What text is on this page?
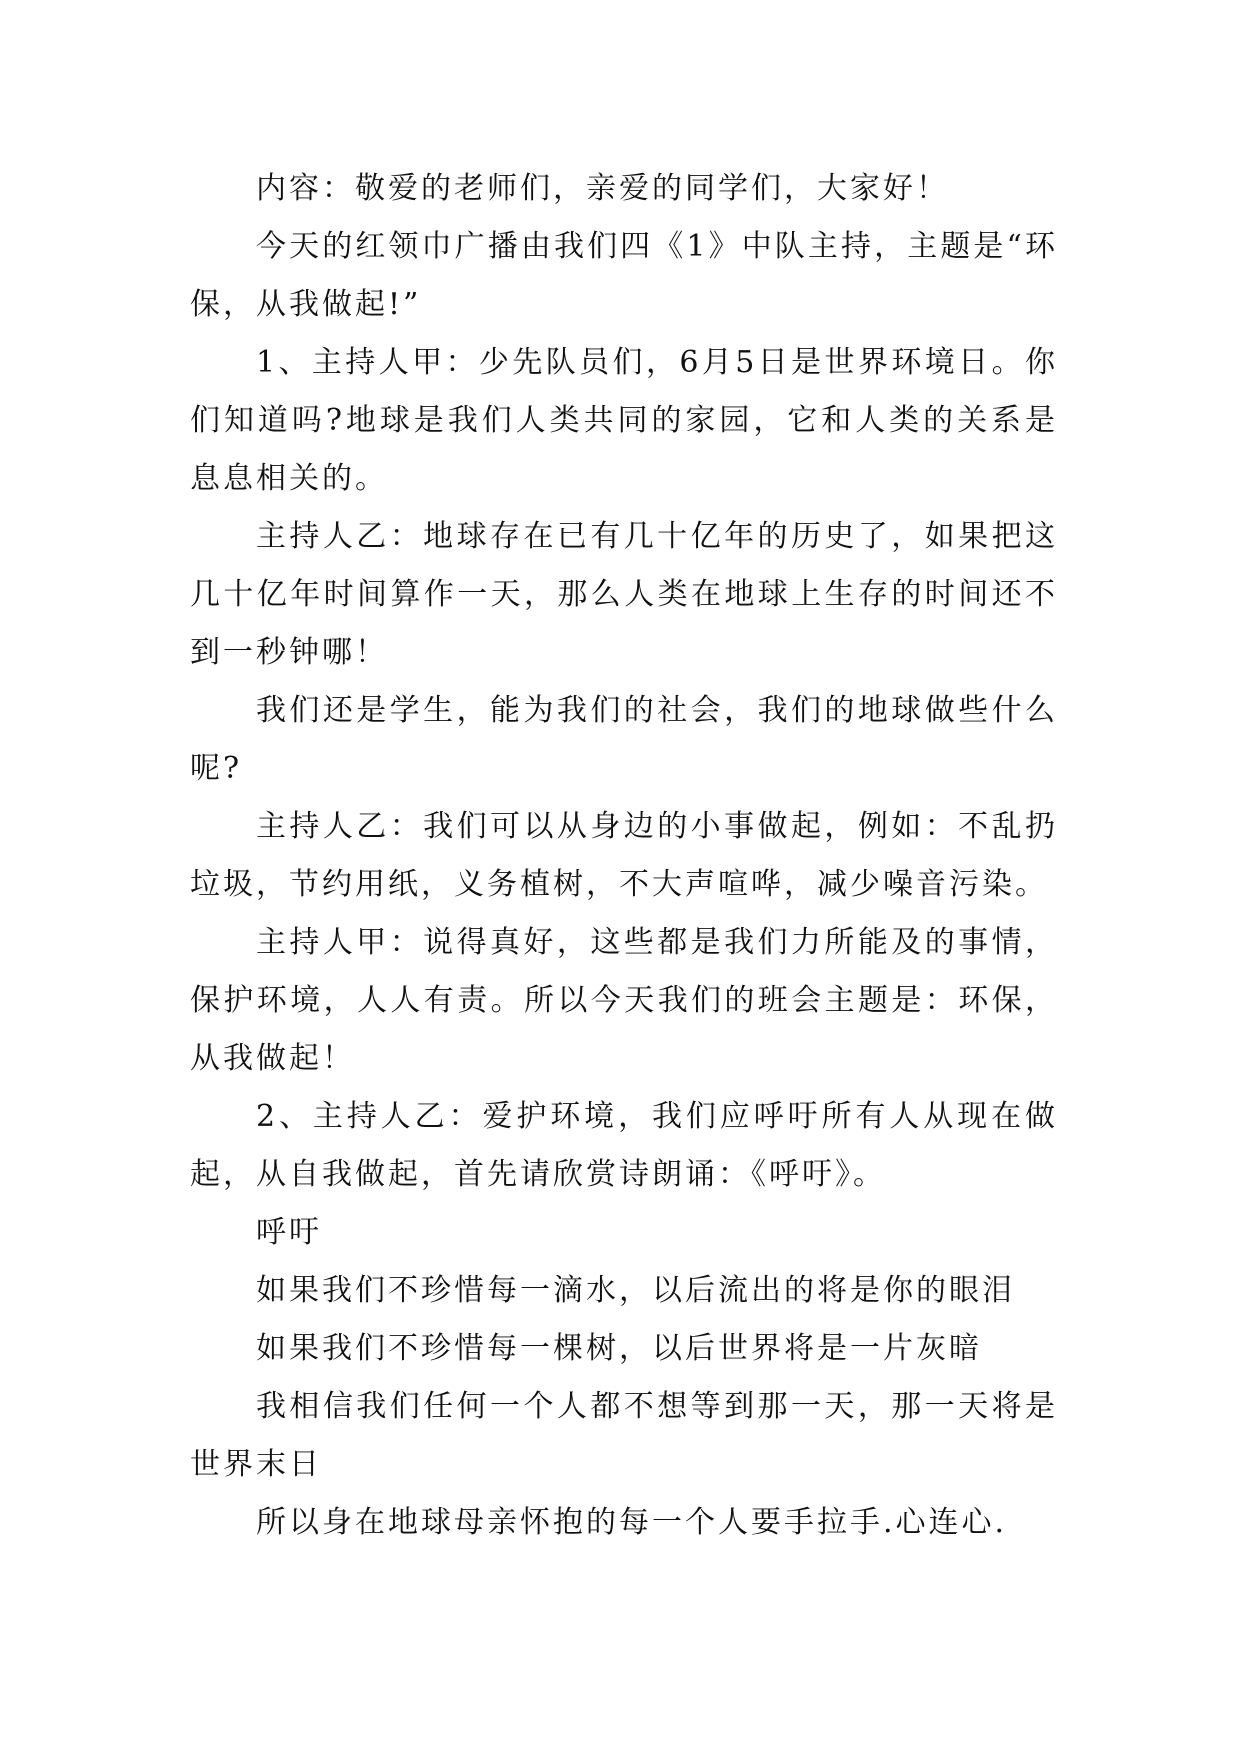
内容：敬爱的老师们，亲爱的同学们，大家好！

今天的红领巾广播由我们四《1》中队主持，主题是“环保，从我做起!”

1、主持人甲：少先队员们，6月5日是世界环境日。你们知道吗?地球是我们人类共同的家园，它和人类的关系是息息相关的。

主持人乙：地球存在已有几十亿年的历史了，如果把这几十亿年时间算作一天，那么人类在地球上生存的时间还不到一秒钟哪！

我们还是学生，能为我们的社会，我们的地球做些什么呢?

主持人乙：我们可以从身边的小事做起，例如：不乱扔垃圾，节约用纸，义务植树，不大声喧哗，减少噪音污染。

主持人甲：说得真好，这些都是我们力所能及的事情，保护环境，人人有责。所以今天我们的班会主题是：环保，从我做起！

2、主持人乙：爱护环境，我们应呼吁所有人从现在做起，从自我做起，首先请欣赏诗朗诵：《呼吁》。

呼吁

如果我们不珍惜每一滴水，以后流出的将是你的眼泪

如果我们不珍惜每一棵树，以后世界将是一片灰暗

我相信我们任何一个人都不想等到那一天，那一天将是世界末日

所以身在地球母亲怀抱的每一个人要手拉手.心连心.
